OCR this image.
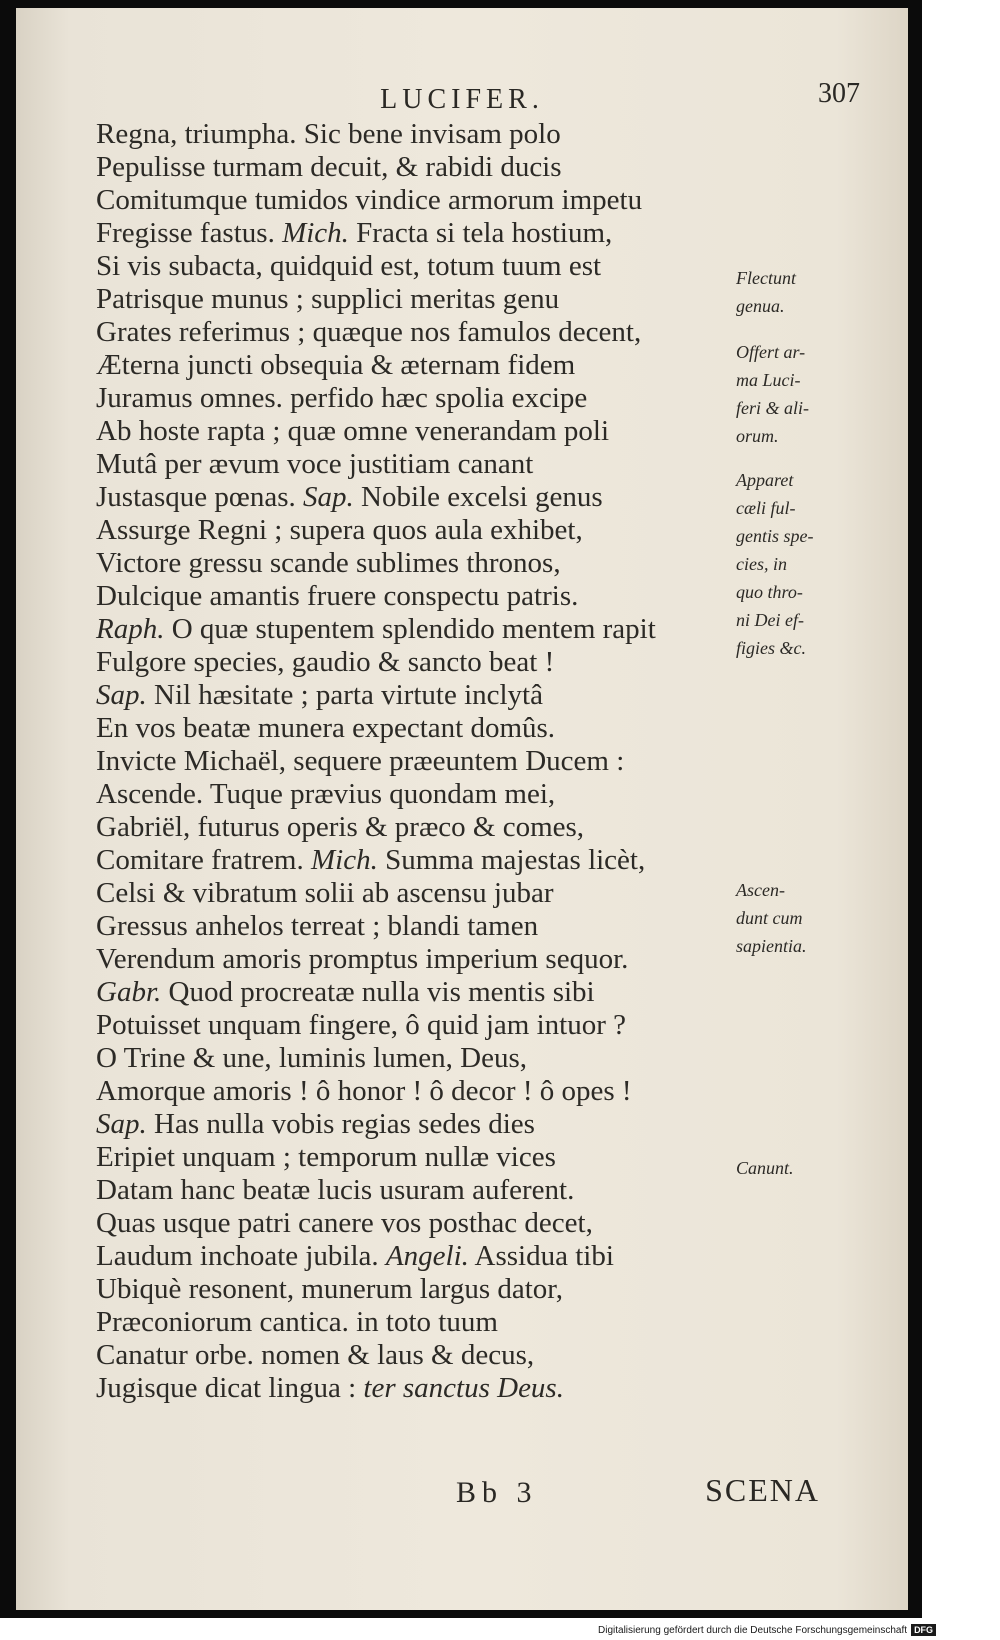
LUCIFER.	307
Regna, triumpha. Sic bene invisam polo
Pepulisse turmam decuit, & rabidi ducis
Comitumque tumidos vindice armorum impetu
Fregisse fastus. Mich. Fracta si tela hostium,
Si vis subacta, quidquid est, totum tuum est
Patrisque munus ; supplici meritas genu
Grates referimus ; quæque nos famulos decent,
Æterna juncti obsequia & æternam fidem
Juramus omnes. perfido hæc spolia excipe
Ab hoste rapta ; quæ omne venerandam poli
Mutâ per ævum voce justitiam canant
Justasque pœnas. Sap. Nobile excelsi genus
Assurge Regni ; supera quos aula exhibet,
Victore gressu scande sublimes thronos,
Dulcique amantis fruere conspectu patris.
Raph. O quæ stupentem splendido mentem rapit
Fulgore species, gaudio & sancto beat !
Sap. Nil hæsitate ; parta virtute inclytâ
En vos beatæ munera expectant domûs.
Invicte Michaël, sequere præeuntem Ducem :
Ascende. Tuque prævius quondam mei,
Gabriël, futurus operis & præco & comes,
Comitare fratrem. Mich. Summa majestas licèt,
Celsi & vibratum solii ab ascensu jubar
Gressus anhelos terreat ; blandi tamen
Verendum amoris promptus imperium sequor.
Gabr. Quod procreatæ nulla vis mentis sibi
Potuisset unquam fingere, ô quid jam intuor ?
O Trine & une, luminis lumen, Deus,
Amorque amoris ! ô honor ! ô decor ! ô opes !
Sap. Has nulla vobis regias sedes dies
Eripiet unquam ; temporum nullæ vices
Datam hanc beatæ lucis usuram auferent.
Quas usque patri canere vos posthac decet,
Laudum inchoate jubila. Angeli. Assidua tibi
Ubiquè resonent, munerum largus dator,
Præconiorum cantica. in toto tuum
Canatur orbe. nomen & laus & decus,
Jugisque dicat lingua : ter sanctus Deus.
Flectunt
genua.
Offert ar-
ma Luci-
feri & ali-
orum.
Apparet
cæli ful-
gentis spe-
cies, in
quo thro-
ni Dei ef-
figies &c.
Ascen-
dunt cum
sapientia.
Canunt.
Bb 3	SCENA
Digitalisierung gefördert durch die Deutsche Forschungsgemeinschaft DFG
